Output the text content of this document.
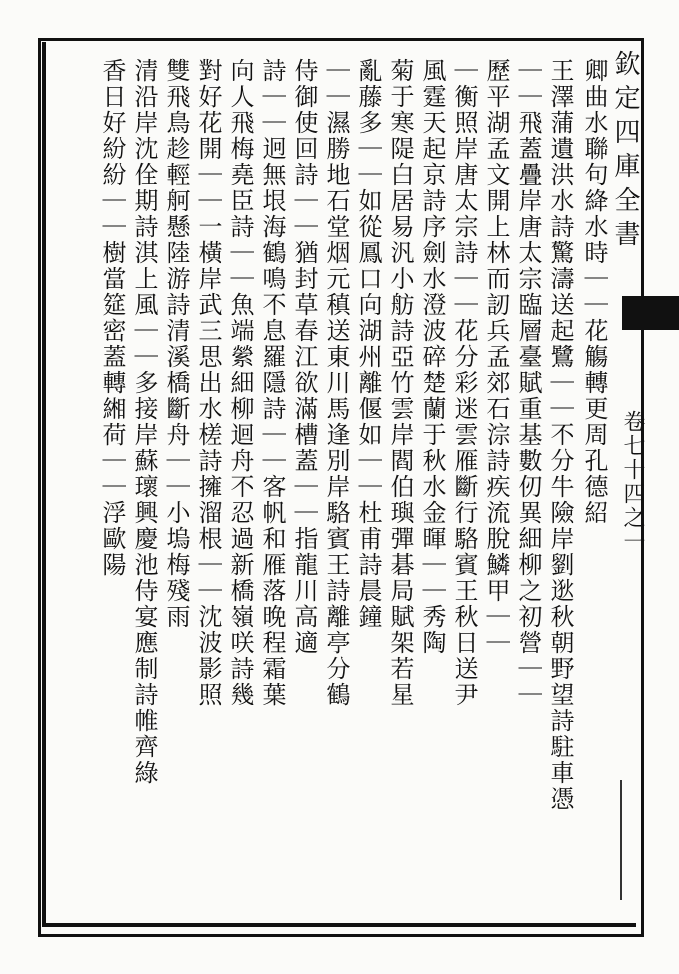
欽定四庫全書
卷七十四之一
卿曲水聯句絳水時｜｜花觴轉更周孔德紹
王澤蒲遺洪水詩驚濤送起鷺｜｜不分牛險岸劉逖秋朝野望詩駐車憑
｜｜飛蓋疊岸唐太宗臨層臺賦重基數仞異細柳之初營｜｜
歷平湖孟文開上林而訒兵孟郊石淙詩疾流脫鱗甲｜｜
｜衡照岸唐太宗詩｜｜花分彩迷雲雁斷行駱賓王秋日送尹
風霆天起京詩序劍水澄波碎楚蘭于秋水金暉｜｜秀陶
菊于寒隄白居易汎小舫詩亞竹雲岸閻伯璵彈碁局賦架若星
亂藤多｜｜如從鳳口向湖州離偃如｜｜杜甫詩晨鐘
｜｜濕勝地石堂烟元稹送東川馬逢別岸駱賓王詩離亭分鶴
侍御使回詩｜｜猶封草春江欲滿槽蓋｜｜指龍川高適
詩｜｜迥無垠海鶴鳴不息羅隱詩｜｜客帆和雁落晚程霜葉
向人飛梅堯臣詩｜｜魚端縈細柳迴舟不忍過新橋嶺咲詩幾
對好花開｜｜一橫岸武三思出水槎詩擁溜根｜｜沈波影照
雙飛鳥趁輕舸懸陸游詩清溪橋斷舟｜｜小塢梅殘雨
清沿岸沈佺期詩淇上風｜｜多接岸蘇瓌興慶池侍宴應制詩帷齊綠
香日好紛紛｜｜樹當筵密蓋轉緗荷｜｜浮歐陽
